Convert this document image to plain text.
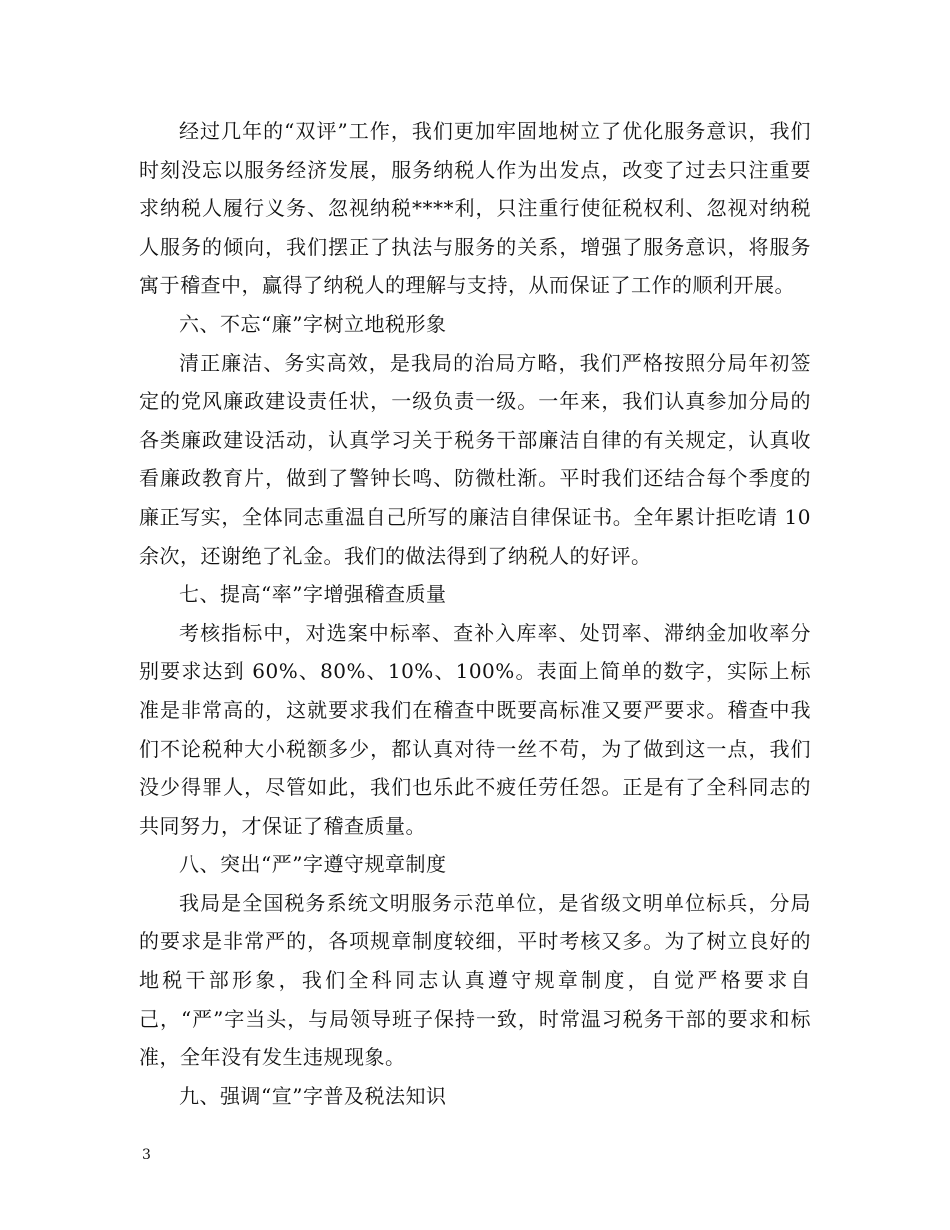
经过几年的“双评”工作，我们更加牢固地树立了优化服务意识，我们时刻没忘以服务经济发展，服务纳税人作为出发点，改变了过去只注重要求纳税人履行义务、忽视纳税****利，只注重行使征税权利、忽视对纳税人服务的倾向，我们摆正了执法与服务的关系，增强了服务意识，将服务寓于稽查中，赢得了纳税人的理解与支持，从而保证了工作的顺利开展。

六、不忘“廉”字树立地税形象

清正廉洁、务实高效，是我局的治局方略，我们严格按照分局年初签定的党风廉政建设责任状，一级负责一级。一年来，我们认真参加分局的各类廉政建设活动，认真学习关于税务干部廉洁自律的有关规定，认真收看廉政教育片，做到了警钟长鸣、防微杜渐。平时我们还结合每个季度的廉正写实，全体同志重温自己所写的廉洁自律保证书。全年累计拒吃请 10 余次，还谢绝了礼金。我们的做法得到了纳税人的好评。

七、提高“率”字增强稽查质量

考核指标中，对选案中标率、查补入库率、处罚率、滞纳金加收率分别要求达到 60%、80%、10%、100%。表面上简单的数字，实际上标准是非常高的，这就要求我们在稽查中既要高标准又要严要求。稽查中我们不论税种大小税额多少，都认真对待一丝不苟，为了做到这一点，我们没少得罪人，尽管如此，我们也乐此不疲任劳任怨。正是有了全科同志的共同努力，才保证了稽查质量。

八、突出“严”字遵守规章制度

我局是全国税务系统文明服务示范单位，是省级文明单位标兵，分局的要求是非常严的，各项规章制度较细，平时考核又多。为了树立良好的地税干部形象，我们全科同志认真遵守规章制度，自觉严格要求自己，“严”字当头，与局领导班子保持一致，时常温习税务干部的要求和标准，全年没有发生违规现象。

九、强调“宣”字普及税法知识

3
